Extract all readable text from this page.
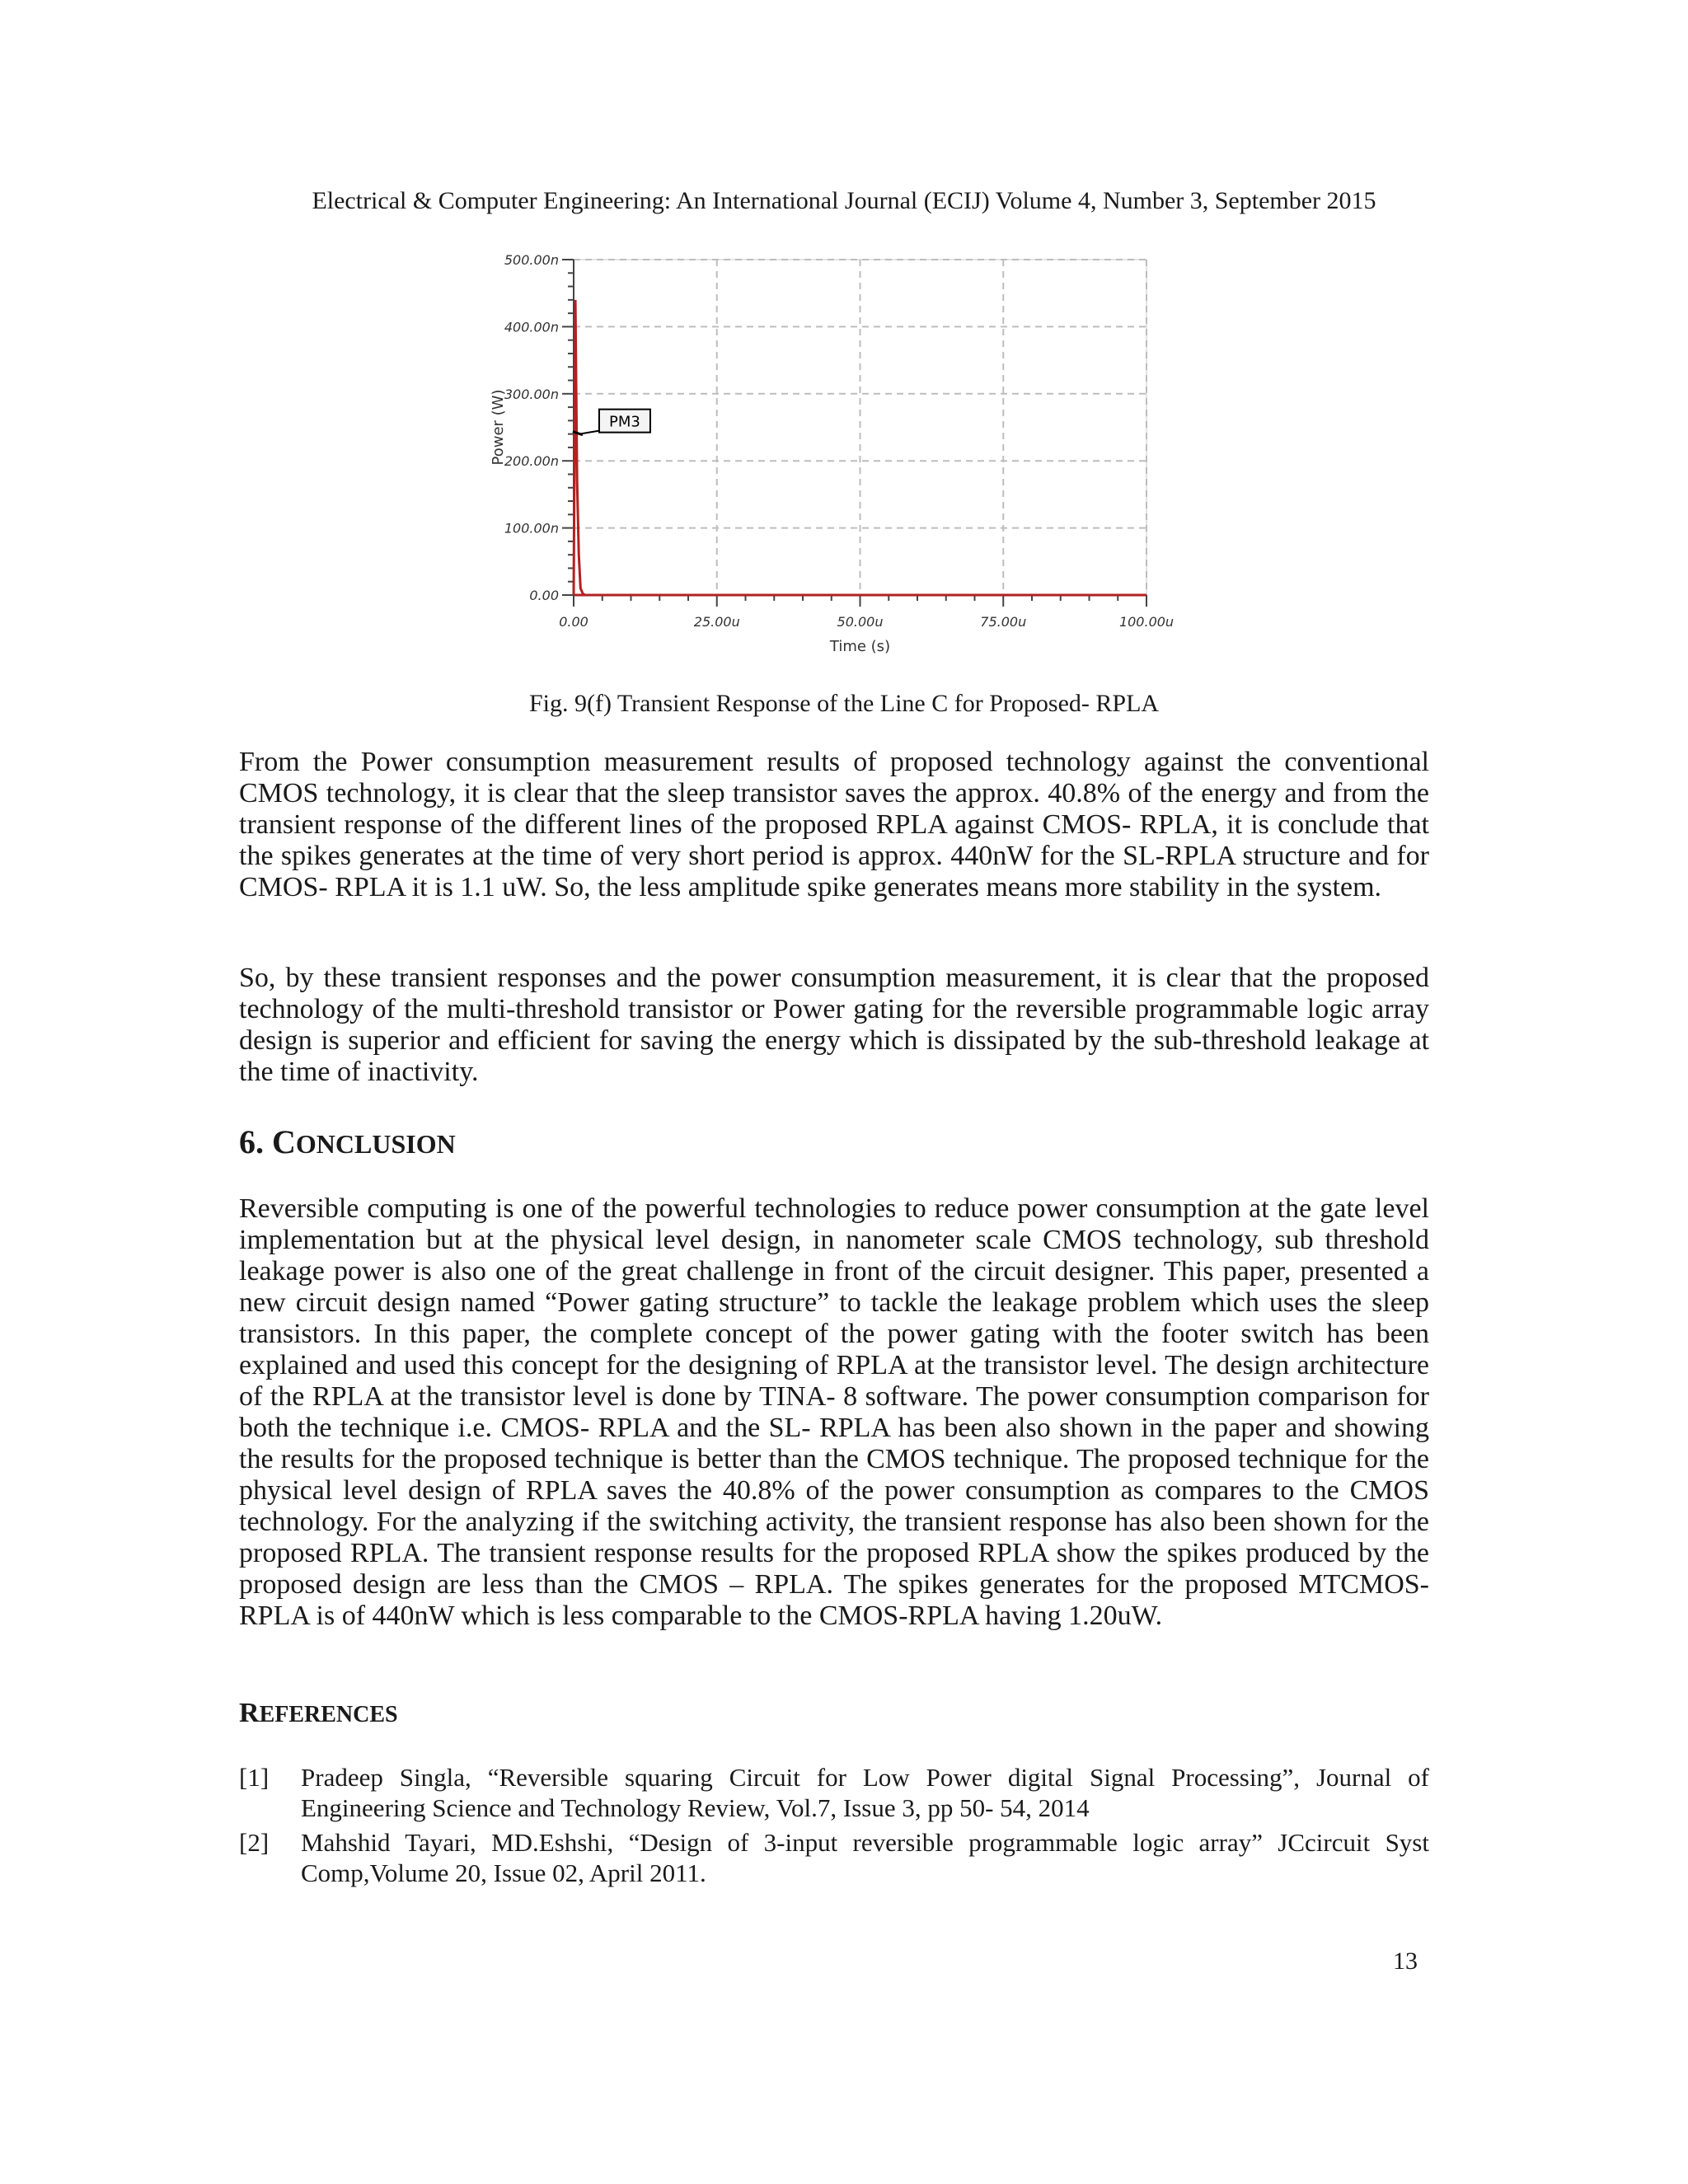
Electrical & Computer Engineering: An International Journal (ECIJ) Volume 4, Number 3, September 2015
0.00
100.00n
200.00n
300.00n
400.00n
500.00n
0.00	25.00u	50.00u	75.00u	100.00u
Time (s)
Power (W)	PM3
Fig. 9(f) Transient Response of the Line C for Proposed- RPLA

From the Power consumption measurement results of proposed technology against the conventional CMOS technology, it is clear that the sleep transistor saves the approx. 40.8% of the energy and from the transient response of the different lines of the proposed RPLA against CMOS- RPLA, it is conclude that the spikes generates at the time of very short period is approx. 440nW for the SL-RPLA structure and for CMOS- RPLA it is 1.1 uW. So, the less amplitude spike generates means more stability in the system.

So, by these transient responses and the power consumption measurement, it is clear that the proposed technology of the multi-threshold transistor or Power gating for the reversible programmable logic array design is superior and efficient for saving the energy which is dissipated by the sub-threshold leakage at the time of inactivity.

6. CONCLUSION

Reversible computing is one of the powerful technologies to reduce power consumption at the gate level implementation but at the physical level design, in nanometer scale CMOS technology, sub threshold leakage power is also one of the great challenge in front of the circuit designer. This paper, presented a new circuit design named “Power gating structure” to tackle the leakage problem which uses the sleep transistors. In this paper, the complete concept of the power gating with the footer switch has been explained and used this concept for the designing of RPLA at the transistor level. The design architecture of the RPLA at the transistor level is done by TINA- 8 software. The power consumption comparison for both the technique i.e. CMOS- RPLA and the SL- RPLA has been also shown in the paper and showing the results for the proposed technique is better than the CMOS technique. The proposed technique for the physical level design of RPLA saves the 40.8% of the power consumption as compares to the CMOS technology. For the analyzing if the switching activity, the transient response has also been shown for the proposed RPLA. The transient response results for the proposed RPLA show the spikes produced by the proposed design are less than the CMOS – RPLA. The spikes generates for the proposed MTCMOS- RPLA is of 440nW which is less comparable to the CMOS-RPLA having 1.20uW.

REFERENCES
[1]	Pradeep Singla, “Reversible squaring Circuit for Low Power digital Signal Processing”, Journal of Engineering Science and Technology Review, Vol.7, Issue 3, pp 50- 54, 2014
[2]	Mahshid Tayari, MD.Eshshi, “Design of 3-input reversible programmable logic array” JCcircuit Syst Comp,Volume 20, Issue 02, April 2011.
13
